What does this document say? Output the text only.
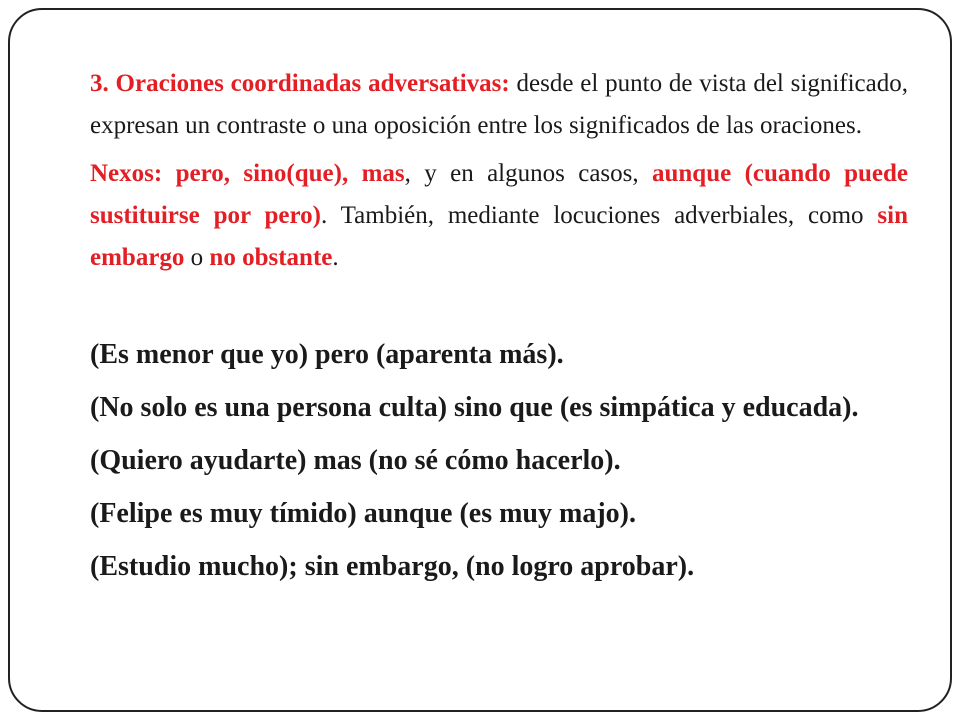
3. Oraciones coordinadas adversativas: desde el punto de vista del significado, expresan un contraste o una oposición entre los significados de las oraciones.

Nexos: pero, sino(que), mas, y en algunos casos, aunque (cuando puede sustituirse por pero). También, mediante locuciones adverbiales, como sin embargo o no obstante.

(Es menor que yo) pero (aparenta más).

(No solo es una persona culta) sino que (es simpática y educada).

(Quiero ayudarte) mas (no sé cómo hacerlo).

(Felipe es muy tímido) aunque (es muy majo).

(Estudio mucho); sin embargo, (no logro aprobar).
